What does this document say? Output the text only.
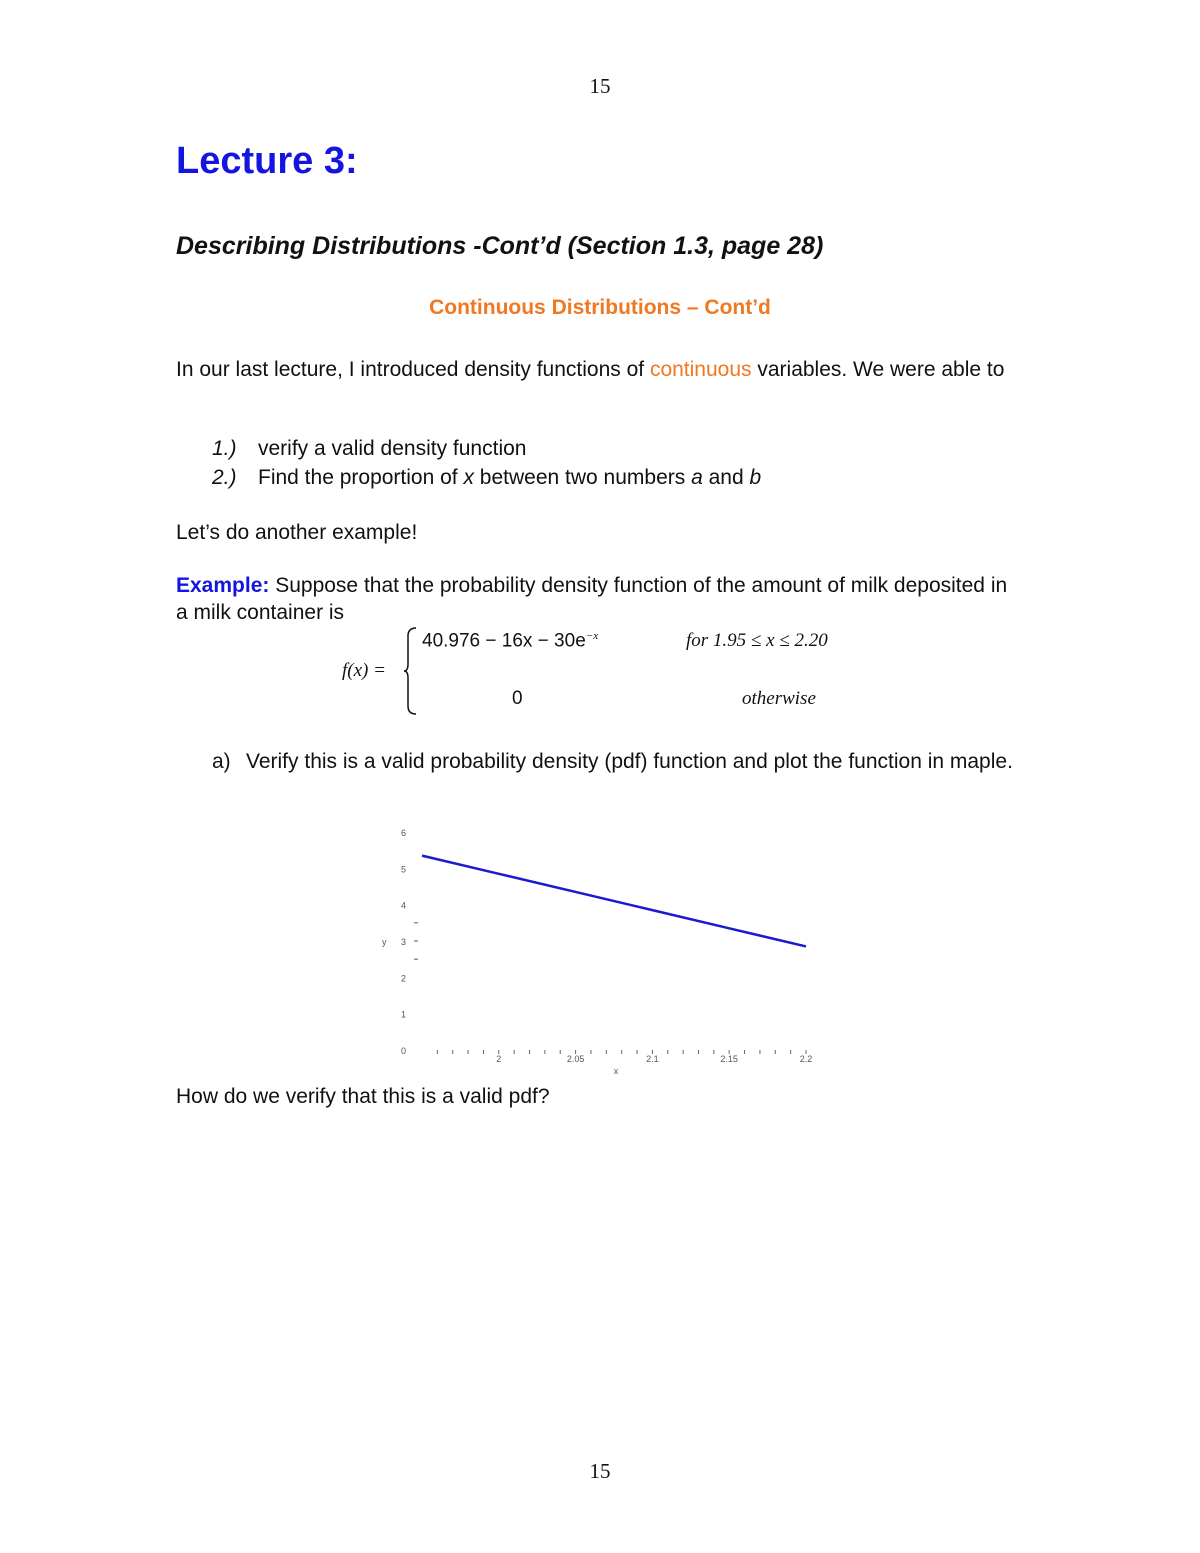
15
Lecture 3:
Describing Distributions -Cont’d (Section 1.3, page 28)
Continuous Distributions – Cont’d
In our last lecture, I introduced density functions of continuous variables. We were able to
1.) verify a valid density function
2.) Find the proportion of x between two numbers a and b
Let’s do another example!
Example: Suppose that the probability density function of the amount of milk deposited in a milk container is
f(x) =
$40.976 - 16x - 30e^{-x}$	for 1.95 ≤ x ≤ 2.20
0	otherwise
a) Verify this is a valid probability density (pdf) function and plot the function in maple.
0
1
2
3
4
5
6
y
2	2.05	2.1	2.15	2.2
x
How do we verify that this is a valid pdf?
15
